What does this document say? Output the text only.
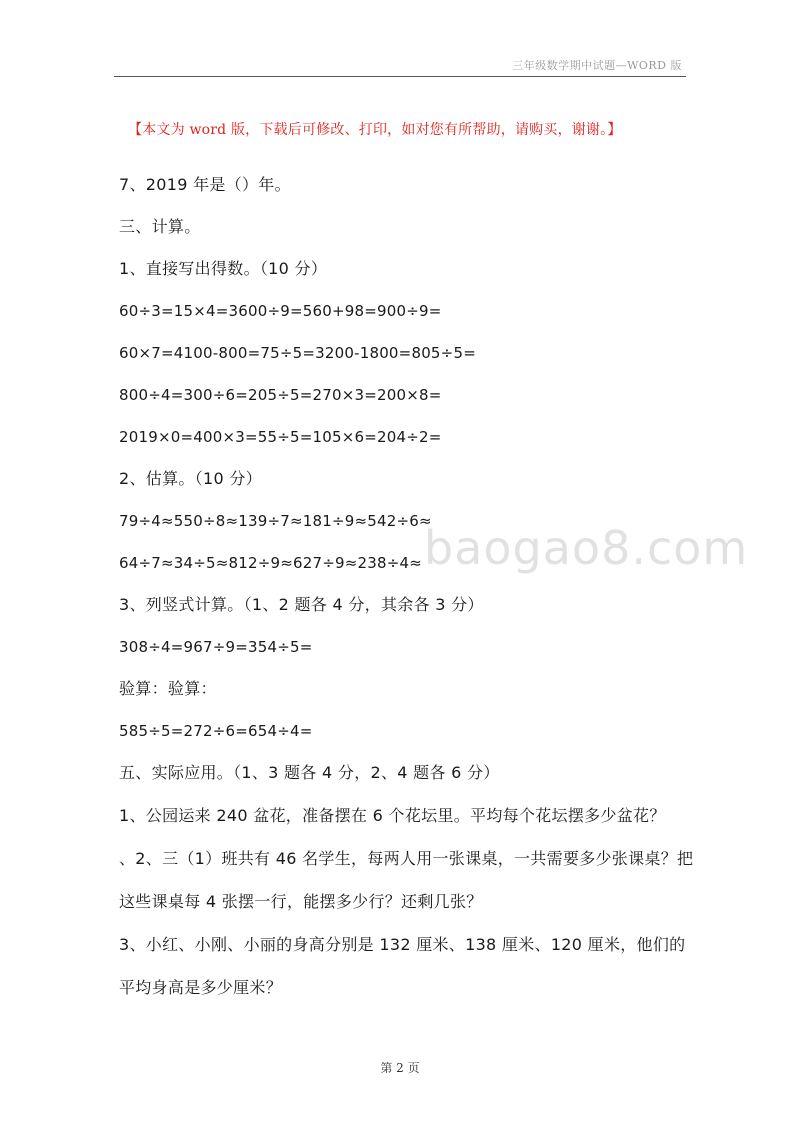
三年级数学期中试题—WORD 版
【本文为 word 版，下载后可修改、打印，如对您有所帮助，请购买，谢谢。】
7、2019 年是（）年。
三、计算。
1、直接写出得数。（10 分）
60÷3=15×4=3600÷9=560+98=900÷9=
60×7=4100-800=75÷5=3200-1800=805÷5=
800÷4=300÷6=205÷5=270×3=200×8=
2019×0=400×3=55÷5=105×6=204÷2=
2、估算。（10 分）
79÷4≈550÷8≈139÷7≈181÷9≈542÷6≈
64÷7≈34÷5≈812÷9≈627÷9≈238÷4≈
3、列竖式计算。（1、2 题各 4 分，其余各 3 分）
308÷4=967÷9=354÷5=
验算：验算：
585÷5=272÷6=654÷4=
五、实际应用。（1、3 题各 4 分，2、4 题各 6 分）
1、公园运来 240 盆花，准备摆在 6 个花坛里。平均每个花坛摆多少盆花？
、2、三（1）班共有 46 名学生，每两人用一张课桌，一共需要多少张课桌？把这些课桌每 4 张摆一行，能摆多少行？还剩几张？
3、小红、小刚、小丽的身高分别是 132 厘米、138 厘米、120 厘米，他们的平均身高是多少厘米？
baogao8.com
第 2 页
